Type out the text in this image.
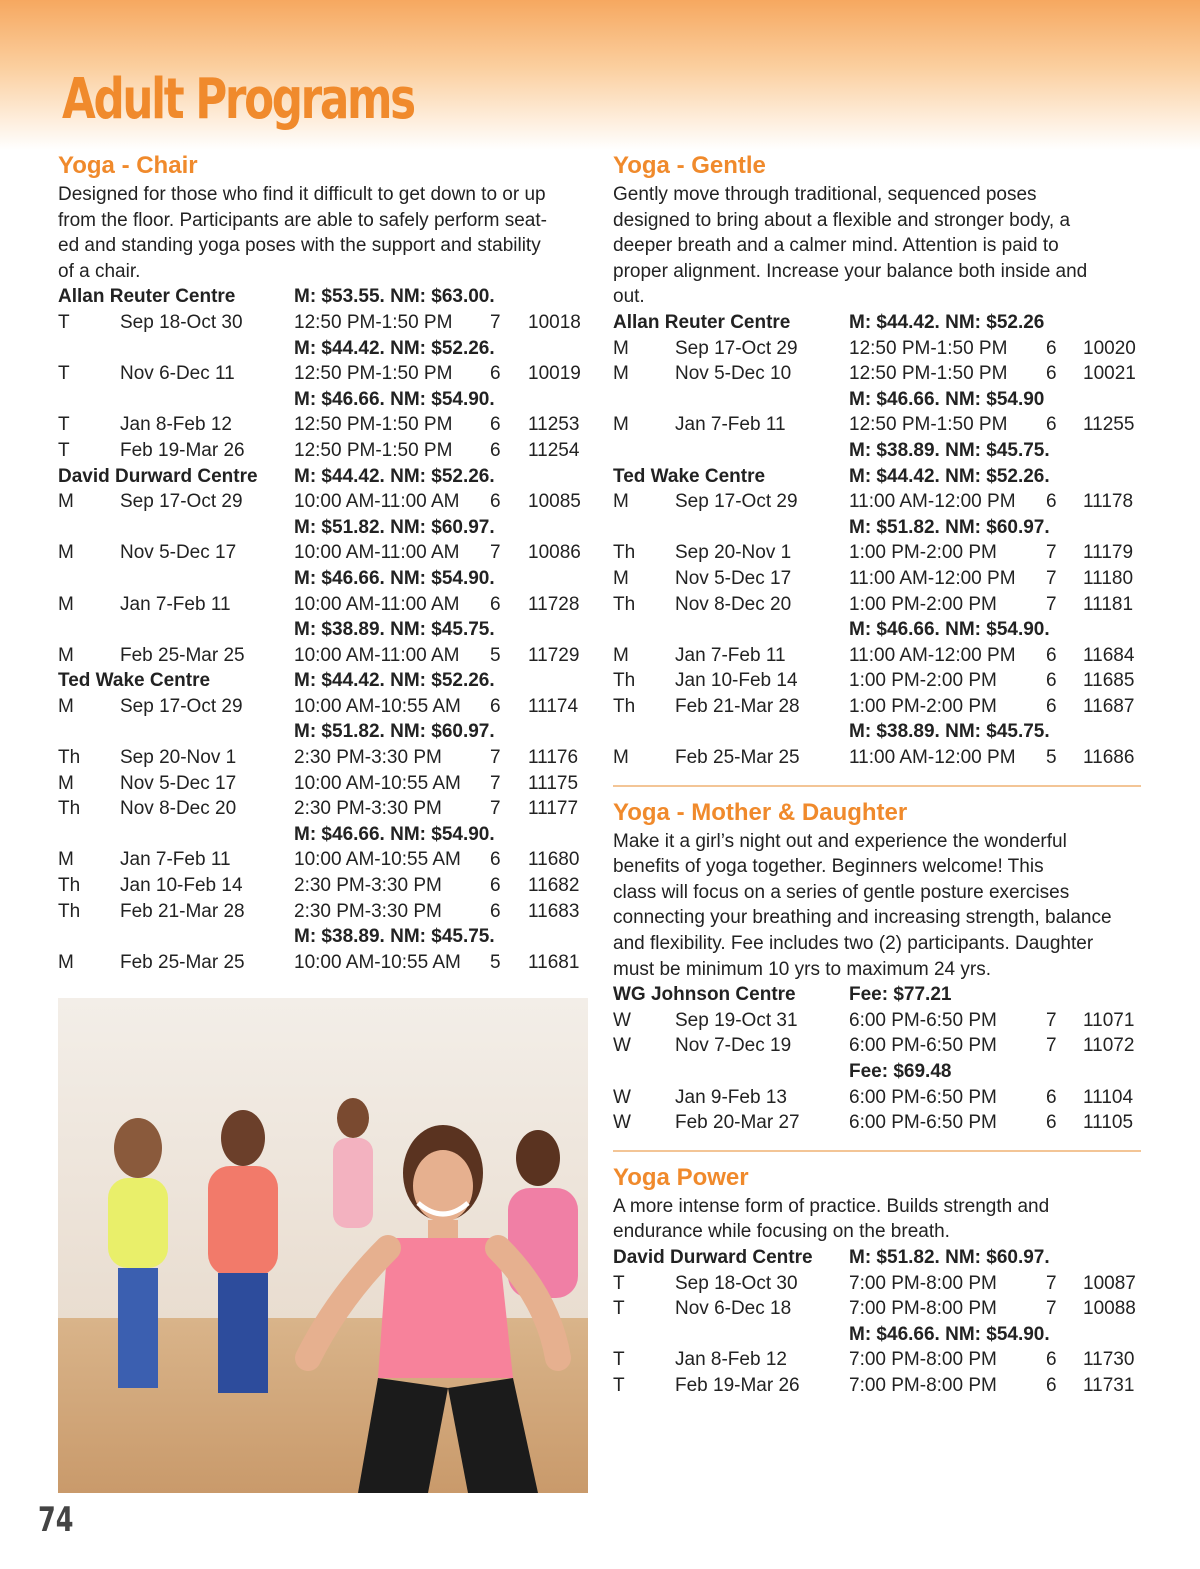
Adult Programs
Yoga - Chair

Designed for those who find it difficult to get down to or up

from the floor. Participants are able to safely perform seat-

ed and standing yoga poses with the support and stability

of a chair.

Allan Reuter Centre	M: $53.55. NM: $63.00.
T	Sep 18-Oct 30	12:50 PM-1:50 PM 7 10018
M: $44.42. NM: $52.26.
T	Nov 6-Dec 11	12:50 PM-1:50 PM 6 10019
M: $46.66. NM: $54.90.
T	Jan 8-Feb 12	12:50 PM-1:50 PM 6 11253
T	Feb 19-Mar 26	12:50 PM-1:50 PM 6 11254
David Durward Centre M: $44.42. NM: $52.26.
M Sep 17-Oct 29	10:00 AM-11:00 AM 6 10085
M: $51.82. NM: $60.97.
M Nov 5-Dec 17	10:00 AM-11:00 AM 7 10086
M: $46.66. NM: $54.90.
M Jan 7-Feb 11	10:00 AM-11:00 AM 6 11728
M: $38.89. NM: $45.75.
M Feb 25-Mar 25	10:00 AM-11:00 AM 5 11729
Ted Wake Centre	M: $44.42. NM: $52.26.
M Sep 17-Oct 29	10:00 AM-10:55 AM 6 11174
M: $51.82. NM: $60.97.
Th Sep 20-Nov 1	2:30 PM-3:30 PM	7 11176
M Nov 5-Dec 17	10:00 AM-10:55 AM 7 11175
Th Nov 8-Dec 20	2:30 PM-3:30 PM	7 11177
M: $46.66. NM: $54.90.
M Jan 7-Feb 11	10:00 AM-10:55 AM 6 11680
Th Jan 10-Feb 14	2:30 PM-3:30 PM	6 11682
Th Feb 21-Mar 28	2:30 PM-3:30 PM	6 11683
M: $38.89. NM: $45.75.
M Feb 25-Mar 25	10:00 AM-10:55 AM 5 11681
Yoga - Gentle

Gently move through traditional, sequenced poses

designed to bring about a flexible and stronger body, a

deeper breath and a calmer mind. Attention is paid to

proper alignment. Increase your balance both inside and

out.

Allan Reuter Centre	M: $44.42. NM: $52.26
M Sep 17-Oct 29	12:50 PM-1:50 PM 6 10020
M Nov 5-Dec 10	12:50 PM-1:50 PM 6 10021
M: $46.66. NM: $54.90
M Jan 7-Feb 11	12:50 PM-1:50 PM 6 11255
M: $38.89. NM: $45.75.
Ted Wake Centre	M: $44.42. NM: $52.26.
M Sep 17-Oct 29	11:00 AM-12:00 PM 6 11178
M: $51.82. NM: $60.97.
Th Sep 20-Nov 1	1:00 PM-2:00 PM	7 11179
M Nov 5-Dec 17	11:00 AM-12:00 PM 7 11180
Th Nov 8-Dec 20	1:00 PM-2:00 PM	7 11181
M: $46.66. NM: $54.90.
M Jan 7-Feb 11	11:00 AM-12:00 PM 6 11684
Th Jan 10-Feb 14	1:00 PM-2:00 PM	6 11685
Th Feb 21-Mar 28	1:00 PM-2:00 PM	6 11687
M: $38.89. NM: $45.75.
M Feb 25-Mar 25	11:00 AM-12:00 PM 5 11686
Yoga - Mother & Daughter

Make it a girl’s night out and experience the wonderful

benefits of yoga together. Beginners welcome! This

class will focus on a series of gentle posture exercises

connecting your breathing and increasing strength, balance

and flexibility. Fee includes two (2) participants. Daughter

must be minimum 10 yrs to maximum 24 yrs.

WG Johnson Centre	Fee: $77.21
W Sep 19-Oct 31	6:00 PM-6:50 PM	7 11071
W Nov 7-Dec 19	6:00 PM-6:50 PM	7 11072
Fee: $69.48
W Jan 9-Feb 13	6:00 PM-6:50 PM	6 11104
W Feb 20-Mar 27	6:00 PM-6:50 PM	6 11105
Yoga Power

A more intense form of practice. Builds strength and

endurance while focusing on the breath.

David Durward Centre M: $51.82. NM: $60.97.
T	Sep 18-Oct 30	7:00 PM-8:00 PM	7 10087
T	Nov 6-Dec 18	7:00 PM-8:00 PM	7 10088
M: $46.66. NM: $54.90.
T	Jan 8-Feb 12	7:00 PM-8:00 PM	6 11730
T	Feb 19-Mar 26	7:00 PM-8:00 PM	6 11731
74
